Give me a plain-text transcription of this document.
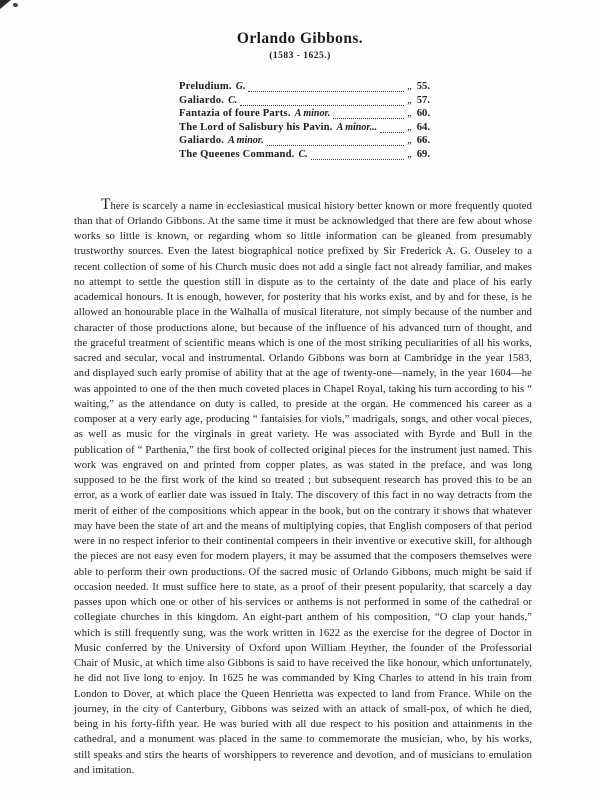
Orlando Gibbons.
(1583 - 1625.)
Preludium. G.	„ 55.
Galiardo. C.	„ 57.
Fantazia of foure Parts. A minor.	„ 60.
The Lord of Salisbury his Pavin. A minor...	„ 64.
Galiardo. A minor.	„ 66.
The Queenes Command. C.	„ 69.

There is scarcely a name in ecclesiastical musical history better known or more frequently quoted than that of Orlando Gibbons. At the same time it must be acknowledged that there are few about whose works so little is known, or regarding whom so little information can be gleaned from presumably trustworthy sources. Even the latest biographical notice prefixed by Sir Frederick A. G. Ouseley to a recent collection of some of his Church music does not add a single fact not already familiar, and makes no attempt to settle the question still in dispute as to the certainty of the date and place of his early academical honours. It is enough, however, for posterity that his works exist, and by and for these, is he allowed an honourable place in the Walhalla of musical literature, not simply because of the number and character of those productions alone, but because of the influence of his advanced turn of thought, and the graceful treatment of scientific means which is one of the most striking peculiarities of all his works, sacred and secular, vocal and instrumental. Orlando Gibbons was born at Cambridge in the year 1583, and displayed such early promise of ability that at the age of twenty-one—namely, in the year 1604—he was appointed to one of the then much coveted places in Chapel Royal, taking his turn according to his “ waiting,” as the attendance on duty is called, to preside at the organ. He commenced his career as a composer at a very early age, producing “ fantaisies for viols,” madrigals, songs, and other vocal pieces, as well as music for the virginals in great variety. He was associated with Byrde and Bull in the publication of “ Parthenia,” the first book of collected original pieces for the instrument just named. This work was engraved on and printed from copper plates, as was stated in the preface, and was long supposed to be the first work of the kind so treated ; but subsequent research has proved this to be an error, as a work of earlier date was issued in Italy. The discovery of this fact in no way detracts from the merit of either of the compositions which appear in the book, but on the contrary it shows that whatever may have been the state of art and the means of multiplying copies, that English composers of that period were in no respect inferior to their continental compeers in their inventive or executive skill, for although the pieces are not easy even for modern players, it may be assumed that the composers themselves were able to perform their own productions. Of the sacred music of Orlando Gibbons, much might be said if occasion needed. It must suffice here to state, as a proof of their present popularity, that scarcely a day passes upon which one or other of his services or anthems is not performed in some of the cathedral or collegiate churches in this kingdom. An eight-part anthem of his composition, “O clap your hands,” which is still frequently sung, was the work written in 1622 as the exercise for the degree of Doctor in Music conferred by the University of Oxford upon William Heyther, the founder of the Professorial Chair of Music, at which time also Gibbons is said to have received the like honour, which unfortunately, he did not live long to enjoy. In 1625 he was commanded by King Charles to attend in his train from London to Dover, at which place the Queen Henrietta was expected to land from France. While on the journey, in the city of Canterbury, Gibbons was seized with an attack of small-pox, of which he died, being in his forty-fifth year. He was buried with all due respect to his position and attainments in the cathedral, and a monument was placed in the same to commemorate the musician, who, by his works, still speaks and stirs the hearts of worshippers to reverence and devotion, and of musicians to emulation and imitation.
